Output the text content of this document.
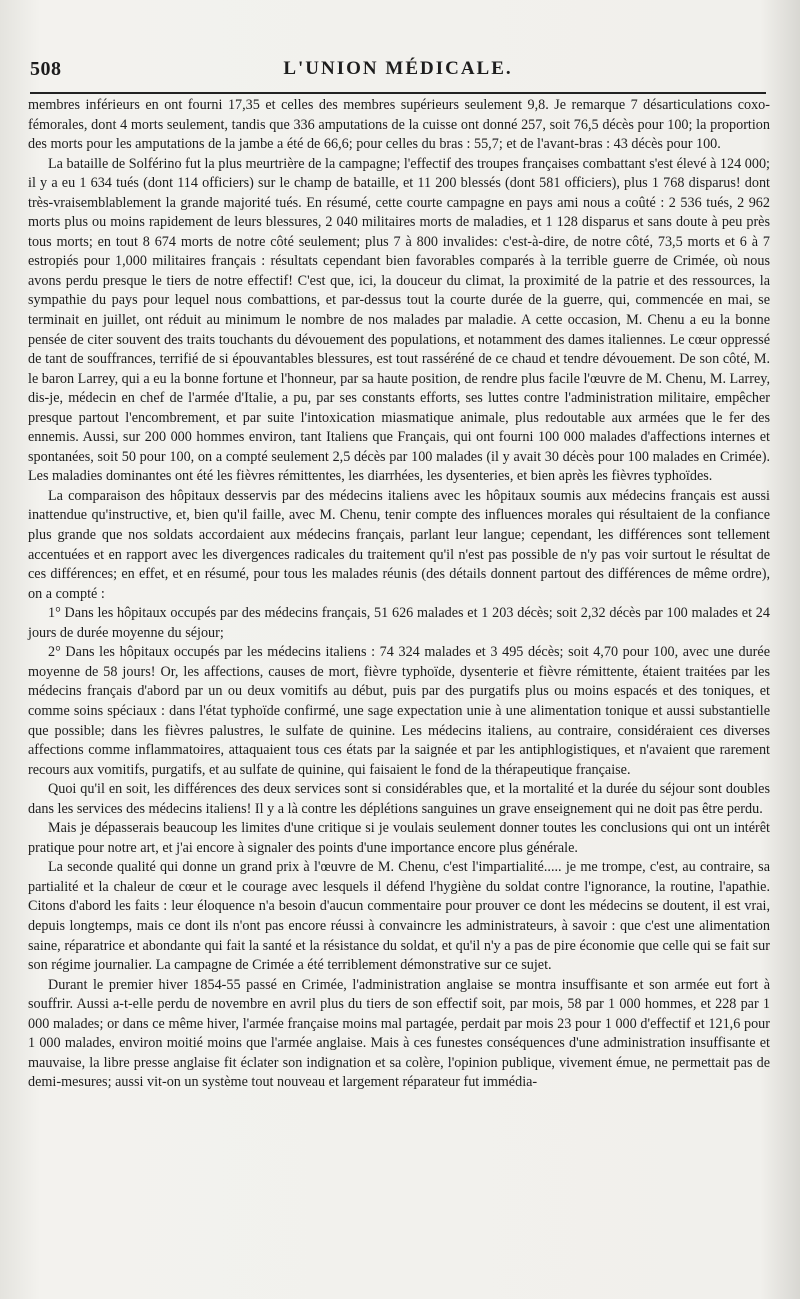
508	L'UNION MÉDICALE.

membres inférieurs en ont fourni 17,35 et celles des membres supérieurs seulement 9,8. Je remarque 7 désarticulations coxo-fémorales, dont 4 morts seulement, tandis que 336 amputations de la cuisse ont donné 257, soit 76,5 décès pour 100; la proportion des morts pour les amputations de la jambe a été de 66,6; pour celles du bras : 55,7; et de l'avant-bras : 43 décès pour 100.

La bataille de Solférino fut la plus meurtrière de la campagne; l'effectif des troupes françaises combattant s'est élevé à 124 000; il y a eu 1 634 tués (dont 114 officiers) sur le champ de bataille, et 11 200 blessés (dont 581 officiers), plus 1 768 disparus! dont très-vraisemblablement la grande majorité tués. En résumé, cette courte campagne en pays ami nous a coûté : 2 536 tués, 2 962 morts plus ou moins rapidement de leurs blessures, 2 040 militaires morts de maladies, et 1 128 disparus et sans doute à peu près tous morts; en tout 8 674 morts de notre côté seulement; plus 7 à 800 invalides: c'est-à-dire, de notre côté, 73,5 morts et 6 à 7 estropiés pour 1,000 militaires français : résultats cependant bien favorables comparés à la terrible guerre de Crimée, où nous avons perdu presque le tiers de notre effectif! C'est que, ici, la douceur du climat, la proximité de la patrie et des ressources, la sympathie du pays pour lequel nous combattions, et par-dessus tout la courte durée de la guerre, qui, commencée en mai, se terminait en juillet, ont réduit au minimum le nombre de nos malades par maladie. A cette occasion, M. Chenu a eu la bonne pensée de citer souvent des traits touchants du dévouement des populations, et notamment des dames italiennes. Le cœur oppressé de tant de souffrances, terrifié de si épouvantables blessures, est tout rasséréné de ce chaud et tendre dévouement. De son côté, M. le baron Larrey, qui a eu la bonne fortune et l'honneur, par sa haute position, de rendre plus facile l'œuvre de M. Chenu, M. Larrey, dis-je, médecin en chef de l'armée d'Italie, a pu, par ses constants efforts, ses luttes contre l'administration militaire, empêcher presque partout l'encombrement, et par suite l'intoxication miasmatique animale, plus redoutable aux armées que le fer des ennemis. Aussi, sur 200 000 hommes environ, tant Italiens que Français, qui ont fourni 100 000 malades d'affections internes et spontanées, soit 50 pour 100, on a compté seulement 2,5 décès par 100 malades (il y avait 30 décès pour 100 malades en Crimée). Les maladies dominantes ont été les fièvres rémittentes, les diarrhées, les dysenteries, et bien après les fièvres typhoïdes.

La comparaison des hôpitaux desservis par des médecins italiens avec les hôpitaux soumis aux médecins français est aussi inattendue qu'instructive, et, bien qu'il faille, avec M. Chenu, tenir compte des influences morales qui résultaient de la confiance plus grande que nos soldats accordaient aux médecins français, parlant leur langue; cependant, les différences sont tellement accentuées et en rapport avec les divergences radicales du traitement qu'il n'est pas possible de n'y pas voir surtout le résultat de ces différences; en effet, et en résumé, pour tous les malades réunis (des détails donnent partout des différences de même ordre), on a compté :

1° Dans les hôpitaux occupés par des médecins français, 51 626 malades et 1 203 décès; soit 2,32 décès par 100 malades et 24 jours de durée moyenne du séjour;

2° Dans les hôpitaux occupés par les médecins italiens : 74 324 malades et 3 495 décès; soit 4,70 pour 100, avec une durée moyenne de 58 jours! Or, les affections, causes de mort, fièvre typhoïde, dysenterie et fièvre rémittente, étaient traitées par les médecins français d'abord par un ou deux vomitifs au début, puis par des purgatifs plus ou moins espacés et des toniques, et comme soins spéciaux : dans l'état typhoïde confirmé, une sage expectation unie à une alimentation tonique et aussi substantielle que possible; dans les fièvres palustres, le sulfate de quinine. Les médecins italiens, au contraire, considéraient ces diverses affections comme inflammatoires, attaquaient tous ces états par la saignée et par les antiphlogistiques, et n'avaient que rarement recours aux vomitifs, purgatifs, et au sulfate de quinine, qui faisaient le fond de la thérapeutique française.

Quoi qu'il en soit, les différences des deux services sont si considérables que, et la mortalité et la durée du séjour sont doubles dans les services des médecins italiens! Il y a là contre les déplétions sanguines un grave enseignement qui ne doit pas être perdu.

Mais je dépasserais beaucoup les limites d'une critique si je voulais seulement donner toutes les conclusions qui ont un intérêt pratique pour notre art, et j'ai encore à signaler des points d'une importance encore plus générale.

La seconde qualité qui donne un grand prix à l'œuvre de M. Chenu, c'est l'impartialité..... je me trompe, c'est, au contraire, sa partialité et la chaleur de cœur et le courage avec lesquels il défend l'hygiène du soldat contre l'ignorance, la routine, l'apathie. Citons d'abord les faits : leur éloquence n'a besoin d'aucun commentaire pour prouver ce dont les médecins se doutent, il est vrai, depuis longtemps, mais ce dont ils n'ont pas encore réussi à convaincre les administrateurs, à savoir : que c'est une alimentation saine, réparatrice et abondante qui fait la santé et la résistance du soldat, et qu'il n'y a pas de pire économie que celle qui se fait sur son régime journalier. La campagne de Crimée a été terriblement démonstrative sur ce sujet.

Durant le premier hiver 1854-55 passé en Crimée, l'administration anglaise se montra insuffisante et son armée eut fort à souffrir. Aussi a-t-elle perdu de novembre en avril plus du tiers de son effectif soit, par mois, 58 par 1 000 hommes, et 228 par 1 000 malades; or dans ce même hiver, l'armée française moins mal partagée, perdait par mois 23 pour 1 000 d'effectif et 121,6 pour 1 000 malades, environ moitié moins que l'armée anglaise. Mais à ces funestes conséquences d'une administration insuffisante et mauvaise, la libre presse anglaise fit éclater son indignation et sa colère, l'opinion publique, vivement émue, ne permettait pas de demi-mesures; aussi vit-on un système tout nouveau et largement réparateur fut immédia-
